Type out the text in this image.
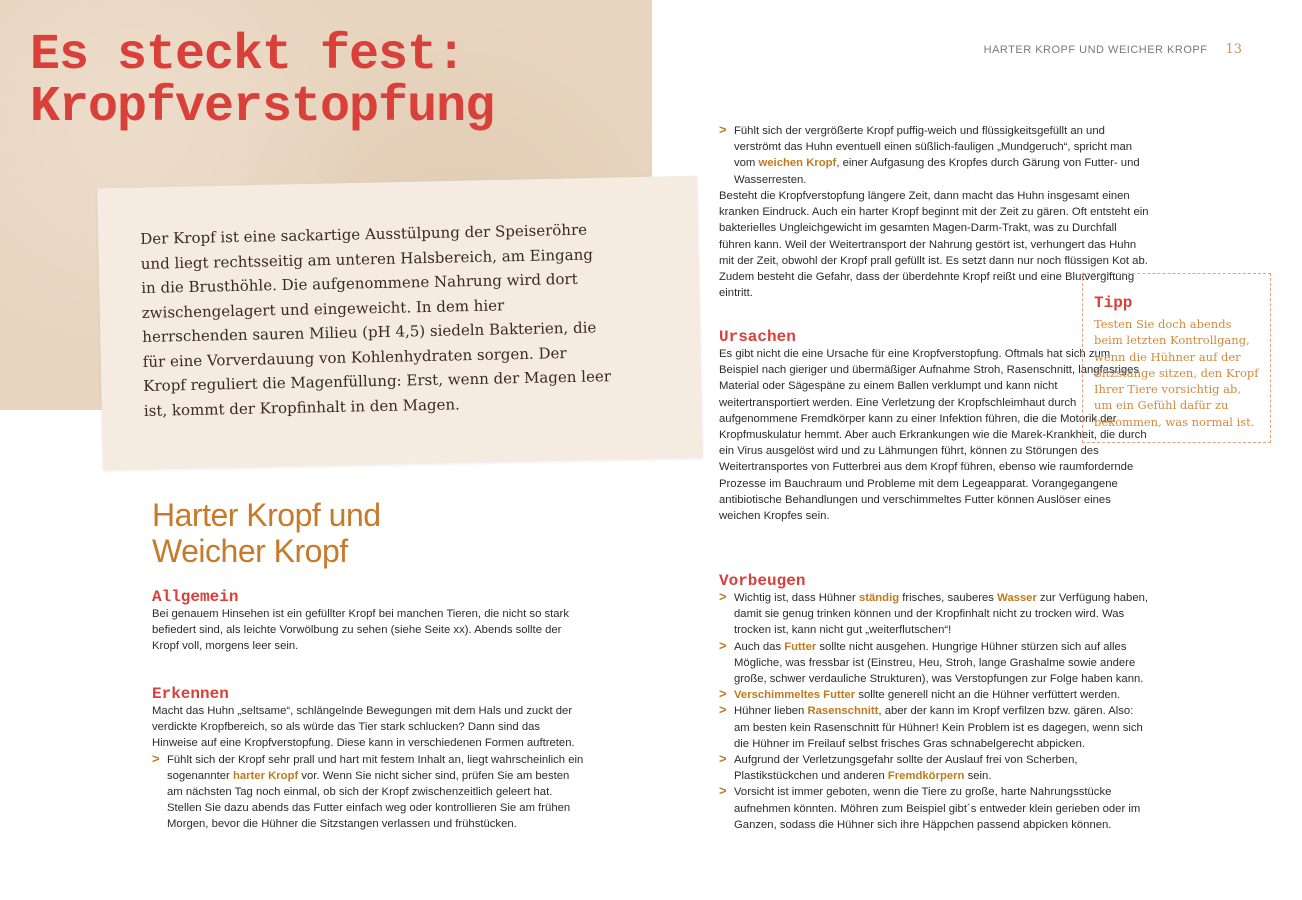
Es steckt fest:
Kropfverstopfung

Der Kropf ist eine sackartige Ausstülpung der Speiseröhre und liegt rechtsseitig am unteren Halsbereich, am Eingang in die Brusthöhle. Die aufgenommene Nahrung wird dort zwischengelagert und eingeweicht. In dem hier herrschenden sauren Milieu (pH 4,5) siedeln Bakterien, die für eine Vorverdauung von Kohlenhydraten sorgen. Der Kropf reguliert die Magenfüllung: Erst, wenn der Magen leer ist, kommt der Kropfinhalt in den Magen.

HARTER KROPF UND WEICHER KROPF 13
Harter Kropf und
Weicher Kropf
Allgemein

Bei genauem Hinsehen ist ein gefüllter Kropf bei manchen Tieren, die nicht so stark befiedert sind, als leichte Vorwölbung zu sehen (siehe Seite xx). Abends sollte der Kropf voll, morgens leer sein.

Erkennen

Macht das Huhn „seltsame“, schlängelnde Bewegungen mit dem Hals und zuckt der verdickte Kropfbereich, so als würde das Tier stark schlucken? Dann sind das Hinweise auf eine Kropfverstopfung. Diese kann in verschiedenen Formen auftreten.

> Fühlt sich der Kropf sehr prall und hart mit festem Inhalt an, liegt wahrscheinlich ein sogenannter harter Kropf vor. Wenn Sie nicht sicher sind, prüfen Sie am besten am nächsten Tag noch einmal, ob sich der Kropf zwischenzeitlich geleert hat. Stellen Sie dazu abends das Futter einfach weg oder kontrollieren Sie am frühen Morgen, bevor die Hühner die Sitzstangen verlassen und frühstücken.

> Fühlt sich der vergrößerte Kropf puffig-weich und flüssigkeitsgefüllt an und verströmt das Huhn eventuell einen süßlich-fauligen „Mundgeruch“, spricht man vom weichen Kropf, einer Aufgasung des Kropfes durch Gärung von Futter- und Wasserresten.

Besteht die Kropfverstopfung längere Zeit, dann macht das Huhn insgesamt einen kranken Eindruck. Auch ein harter Kropf beginnt mit der Zeit zu gären. Oft entsteht ein bakterielles Ungleichgewicht im gesamten Magen-Darm-Trakt, was zu Durchfall führen kann. Weil der Weitertransport der Nahrung gestört ist, verhungert das Huhn mit der Zeit, obwohl der Kropf prall gefüllt ist. Es setzt dann nur noch flüssigen Kot ab. Zudem besteht die Gefahr, dass der überdehnte Kropf reißt und eine Blutvergiftung eintritt.

Ursachen

Es gibt nicht die eine Ursache für eine Kropfverstopfung. Oftmals hat sich zum Beispiel nach gieriger und übermäßiger Aufnahme Stroh, Rasenschnitt, langfasriges Material oder Sägespäne zu einem Ballen verklumpt und kann nicht weitertransportiert werden. Eine Verletzung der Kropfschleimhaut durch aufgenommene Fremdkörper kann zu einer Infektion führen, die die Motorik der Kropfmuskulatur hemmt. Aber auch Erkrankungen wie die Marek-Krankheit, die durch ein Virus ausgelöst wird und zu Lähmungen führt, können zu Störungen des Weitertransportes von Futterbrei aus dem Kropf führen, ebenso wie raumfordernde Prozesse im Bauchraum und Probleme mit dem Legeapparat. Vorangegangene antibiotische Behandlungen und verschimmeltes Futter können Auslöser eines weichen Kropfes sein.

Tipp

Testen Sie doch abends beim letzten Kontrollgang, wenn die Hühner auf der Sitzstange sitzen, den Kropf Ihrer Tiere vorsichtig ab, um ein Gefühl dafür zu bekommen, was normal ist.

Vorbeugen

> Wichtig ist, dass Hühner ständig frisches, sauberes Wasser zur Verfügung haben, damit sie genug trinken können und der Kropfinhalt nicht zu trocken wird. Was trocken ist, kann nicht gut „weiterflutschen“!

> Auch das Futter sollte nicht ausgehen. Hungrige Hühner stürzen sich auf alles Mögliche, was fressbar ist (Einstreu, Heu, Stroh, lange Grashalme sowie andere große, schwer verdauliche Strukturen), was Verstopfungen zur Folge haben kann.

> Verschimmeltes Futter sollte generell nicht an die Hühner verfüttert werden.

> Hühner lieben Rasenschnitt, aber der kann im Kropf verfilzen bzw. gären. Also: am besten kein Rasenschnitt für Hühner! Kein Problem ist es dagegen, wenn sich die Hühner im Freilauf selbst frisches Gras schnabelgerecht abpicken.

> Aufgrund der Verletzungsgefahr sollte der Auslauf frei von Scherben, Plastikstückchen und anderen Fremdkörpern sein.

> Vorsicht ist immer geboten, wenn die Tiere zu große, harte Nahrungsstücke aufnehmen könnten. Möhren zum Beispiel gibt´s entweder klein gerieben oder im Ganzen, sodass die Hühner sich ihre Häppchen passend abpicken können.
